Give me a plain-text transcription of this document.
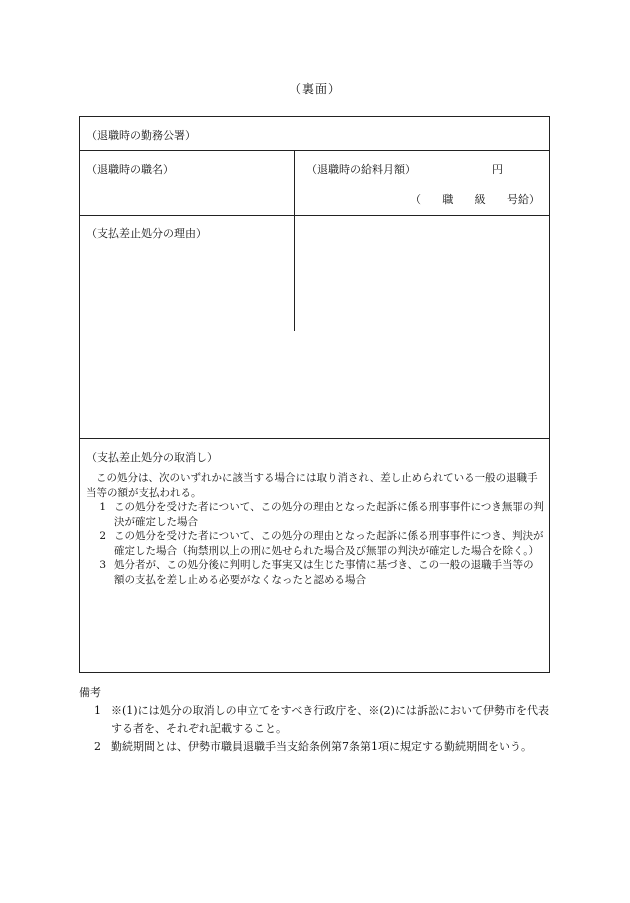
（裏面）
（退職時の勤務公署）
（退職時の職名）	（退職時の給料月額）	円
（ 職 級 号給）
（支払差止処分の理由）
（支払差止処分の取消し）

この処分は、次のいずれかに該当する場合には取り消され、差し止められている一般の退職手当等の額が支払われる。

1 この処分を受けた者について、この処分の理由となった起訴に係る刑事事件につき無罪の判決が確定した場合

2 この処分を受けた者について、この処分の理由となった起訴に係る刑事事件につき、判決が確定した場合（拘禁刑以上の刑に処せられた場合及び無罪の判決が確定した場合を除く。）

3 処分者が、この処分後に判明した事実又は生じた事情に基づき、この一般の退職手当等の額の支払を差し止める必要がなくなったと認める場合

備考

1 ※(1)には処分の取消しの申立てをすべき行政庁を、※(2)には訴訟において伊勢市を代表する者を、それぞれ記載すること。

2 勤続期間とは、伊勢市職員退職手当支給条例第7条第1項に規定する勤続期間をいう。
